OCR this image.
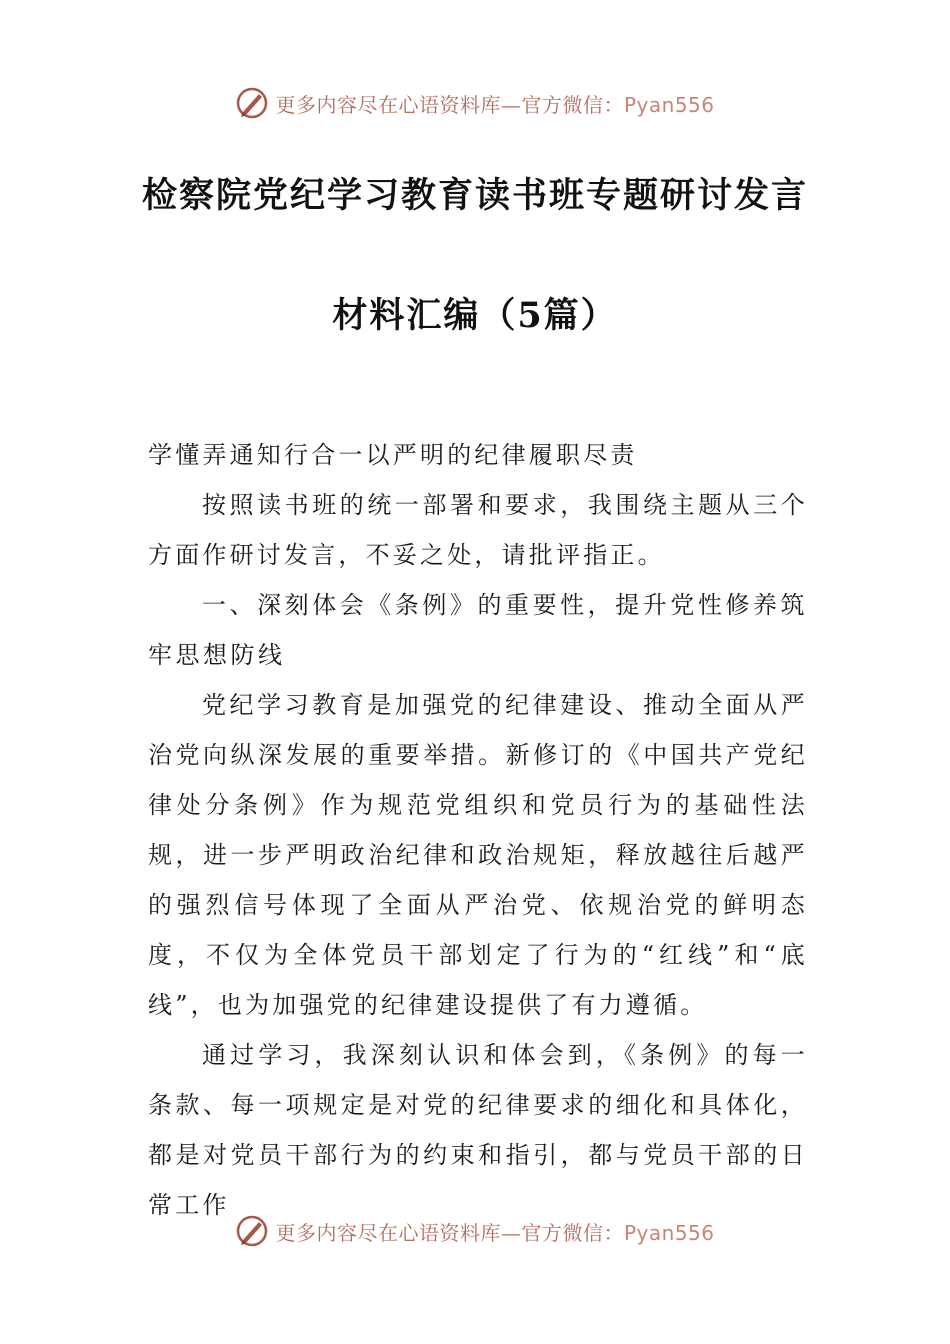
更多内容尽在心语资料库—官方微信：Pyan556
检察院党纪学习教育读书班专题研讨发言
材料汇编（5篇）

学懂弄通知行合一以严明的纪律履职尽责

按照读书班的统一部署和要求，我围绕主题从三个方面作研讨发言，不妥之处，请批评指正。

一、深刻体会《条例》的重要性，提升党性修养筑牢思想防线

党纪学习教育是加强党的纪律建设、推动全面从严治党向纵深发展的重要举措。新修订的《中国共产党纪律处分条例》作为规范党组织和党员行为的基础性法规，进一步严明政治纪律和政治规矩，释放越往后越严的强烈信号体现了全面从严治党、依规治党的鲜明态度，不仅为全体党员干部划定了行为的“红线”和“底线”，也为加强党的纪律建设提供了有力遵循。

通过学习，我深刻认识和体会到，《条例》的每一条款、每一项规定是对党的纪律要求的细化和具体化，都是对党员干部行为的约束和指引，都与党员干部的日常工作

更多内容尽在心语资料库—官方微信：Pyan556
